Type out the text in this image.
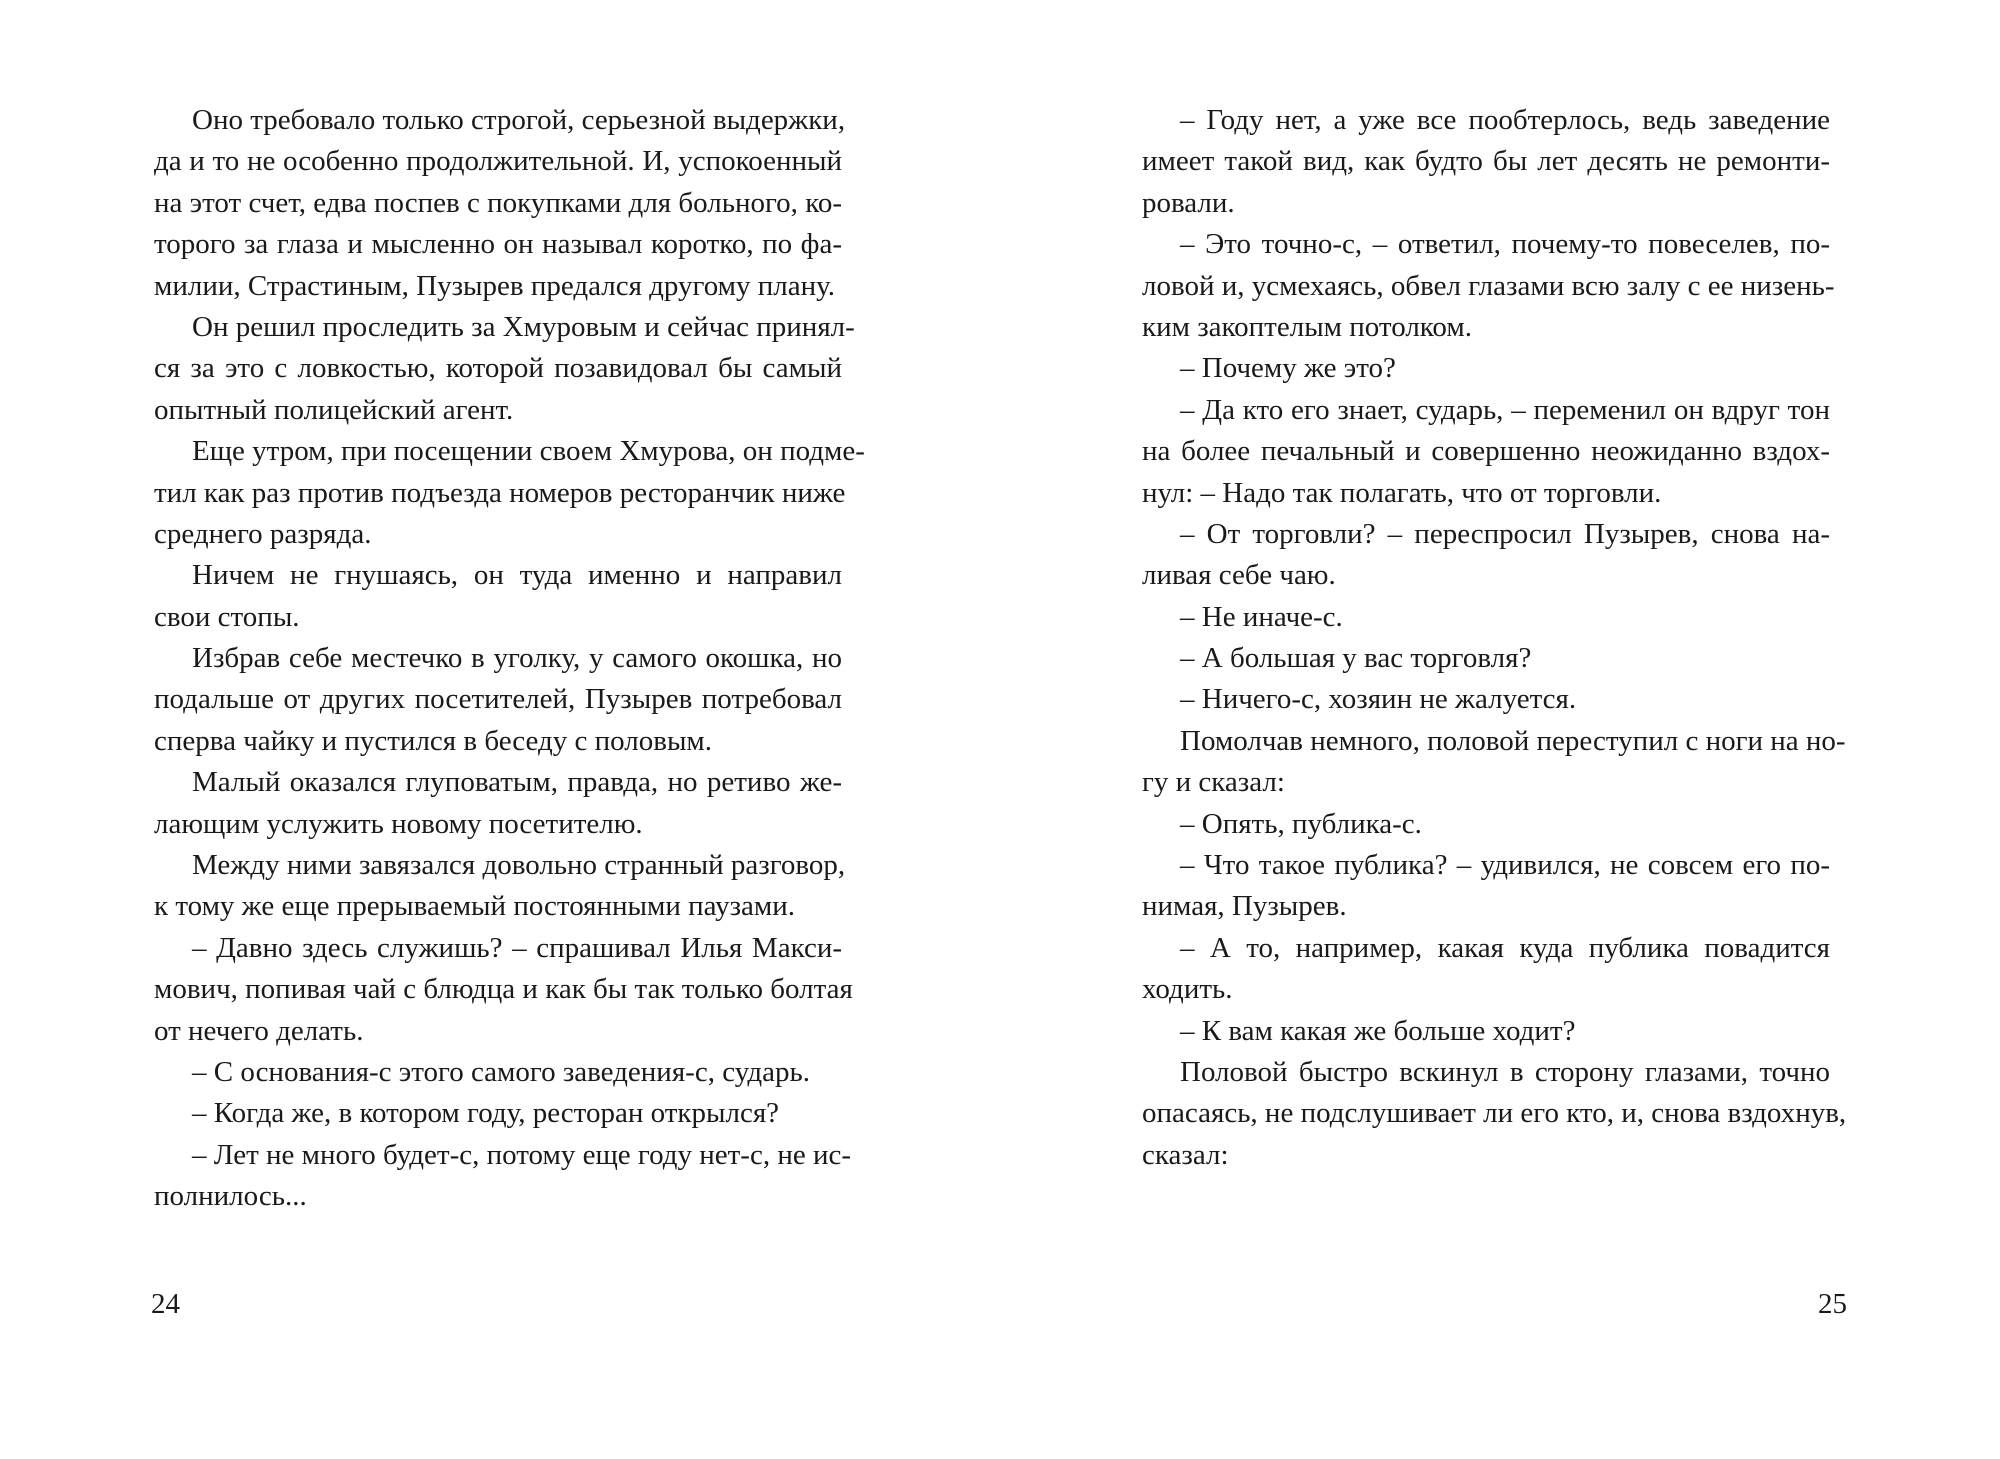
Оно требовало только строгой, серьезной выдержки,
да и то не особенно продолжительной. И, успокоенный
на этот счет, едва поспев с покупками для больного, ко-
торого за глаза и мысленно он называл коротко, по фа-
милии, Страстиным, Пузырев предался другому плану.
Он решил проследить за Хмуровым и сейчас принял-
ся за это с ловкостью, которой позавидовал бы самый
опытный полицейский агент.
Еще утром, при посещении своем Хмурова, он подме-
тил как раз против подъезда номеров ресторанчик ниже
среднего разряда.
Ничем не гнушаясь, он туда именно и направил
свои стопы.
Избрав себе местечко в уголку, у самого окошка, но
подальше от других посетителей, Пузырев потребовал
сперва чайку и пустился в беседу с половым.
Малый оказался глуповатым, правда, но ретиво же-
лающим услужить новому посетителю.
Между ними завязался довольно странный разговор,
к тому же еще прерываемый постоянными паузами.
– Давно здесь служишь? – спрашивал Илья Макси-
мович, попивая чай с блюдца и как бы так только болтая
от нечего делать.
– С основания-с этого самого заведения-с, сударь.
– Когда же, в котором году, ресторан открылся?
– Лет не много будет-с, потому еще году нет-с, не ис-
полнилось...
– Году нет, а уже все пообтерлось, ведь заведение
имеет такой вид, как будто бы лет десять не ремонти-
ровали.
– Это точно-с, – ответил, почему-то повеселев, по-
ловой и, усмехаясь, обвел глазами всю залу с ее низень-
ким закоптелым потолком.
– Почему же это?
– Да кто его знает, сударь, – переменил он вдруг тон
на более печальный и совершенно неожиданно вздох-
нул: – Надо так полагать, что от торговли.
– От торговли? – переспросил Пузырев, снова на-
ливая себе чаю.
– Не иначе-с.
– А большая у вас торговля?
– Ничего-с, хозяин не жалуется.
Помолчав немного, половой переступил с ноги на но-
гу и сказал:
– Опять, публика-с.
– Что такое публика? – удивился, не совсем его по-
нимая, Пузырев.
– А то, например, какая куда публика повадится
ходить.
– К вам какая же больше ходит?
Половой быстро вскинул в сторону глазами, точно
опасаясь, не подслушивает ли его кто, и, снова вздохнув,
сказал:
24	25
